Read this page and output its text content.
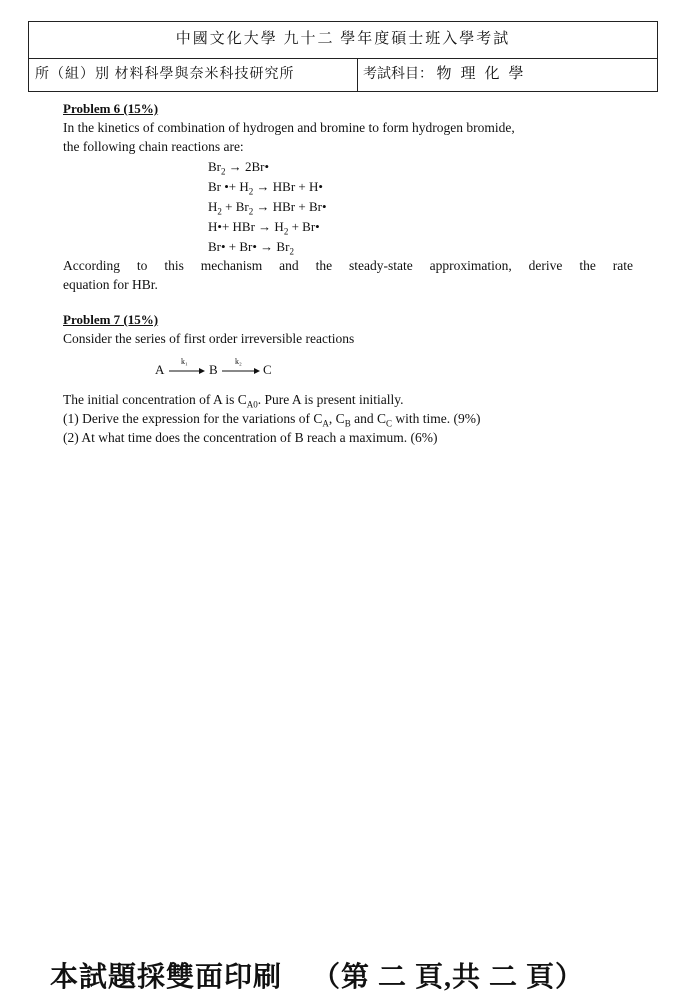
中國文化大學 九十二 學年度碩士班入學考試
所（組）別 材料科學與奈米科技研究所	考試科目： 物理化學
Problem 6 (15%)
In the kinetics of combination of hydrogen and bromine to form hydrogen bromide,
the following chain reactions are:
$Br_2$ → 2Br•
Br •+ $H_2$ → HBr + H•
$H_2 + Br_2$ → HBr + Br•
H•+ HBr → $H_2$ + Br•
Br• + Br• → $Br_2$
According to this mechanism and the steady-state approximation, derive the rate
equation for HBr.
Problem 7 (15%)
Consider the series of first order irreversible reactions
A
k₁
→ B
k₂
→ C
The initial concentration of A is $C_{A0}$. Pure A is present initially.
(1) Derive the expression for the variations of $C_A$, $C_B$ and $C_C$ with time. (9%)
(2) At what time does the concentration of B reach a maximum. (6%)
本試題採雙面印刷 （第 二 頁,共 二 頁）
